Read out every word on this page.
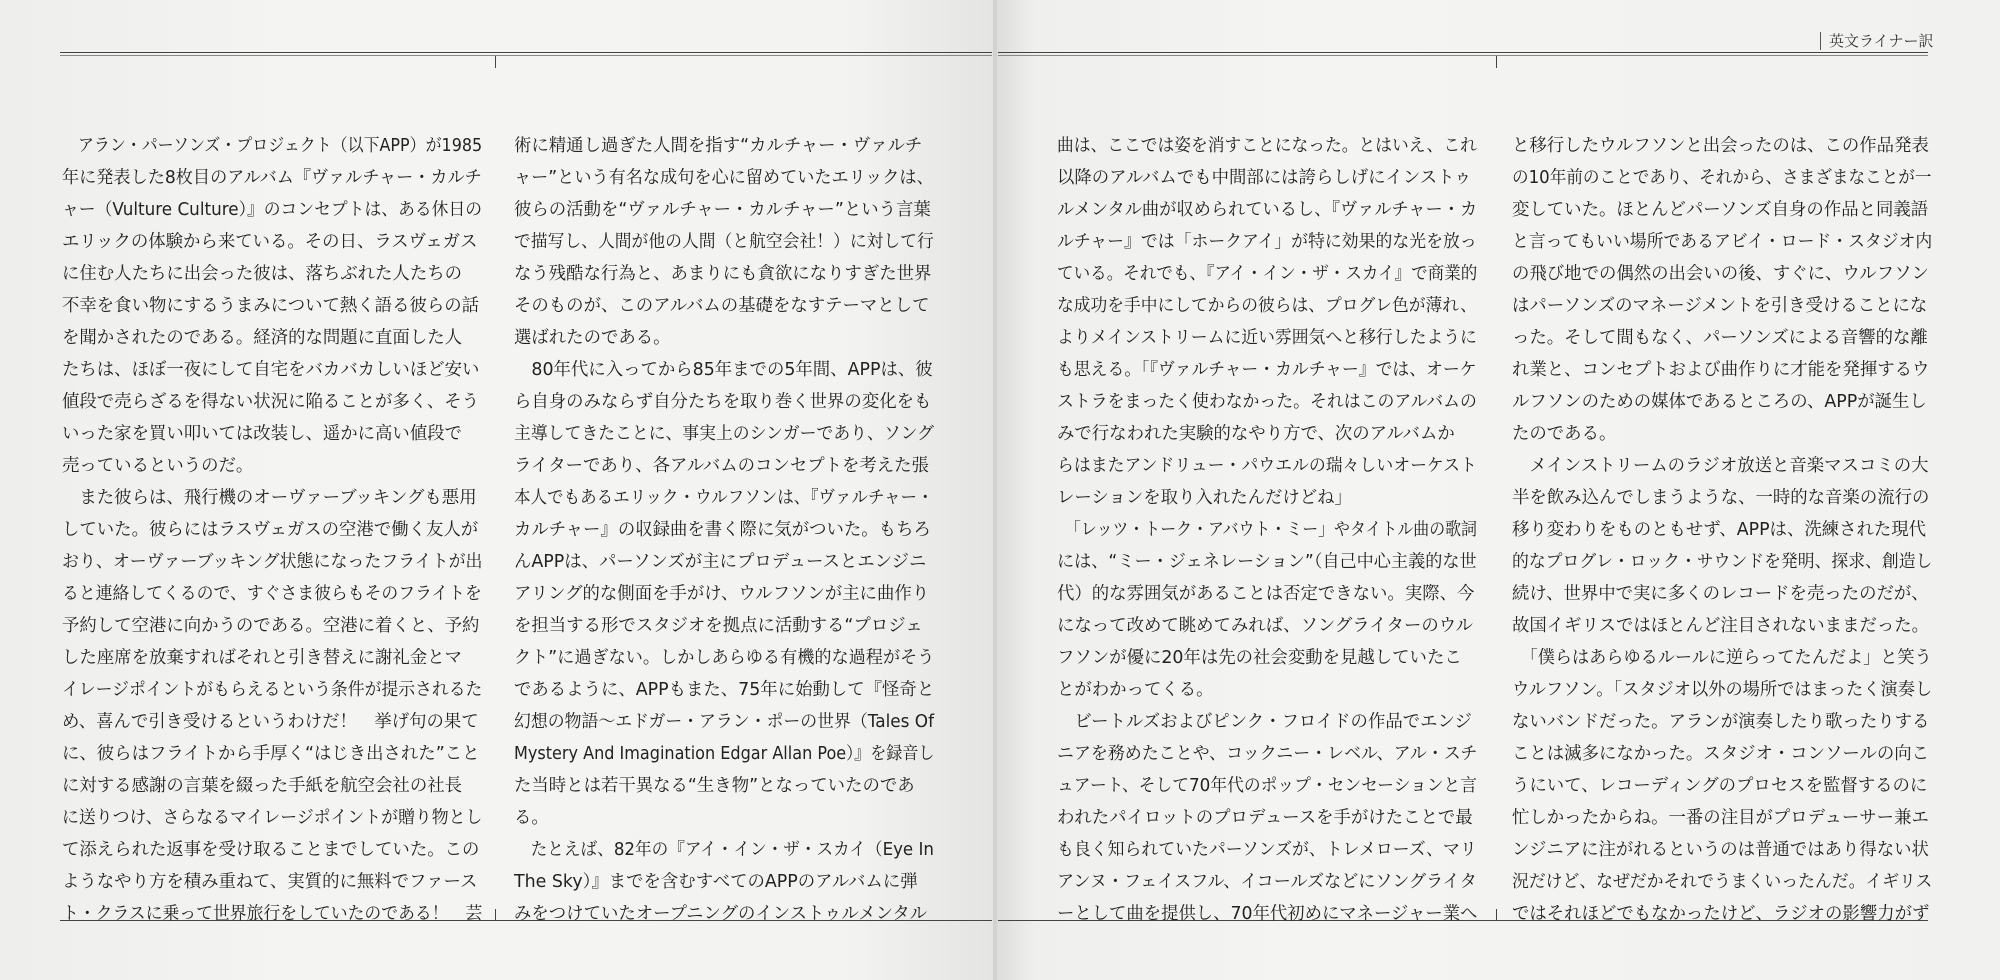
英文ライナー訳
　アラン・パーソンズ・プロジェクト（以下APP）が1985
年に発表した8枚目のアルバム『ヴァルチャー・カルチ
ャー（Vulture Culture）』のコンセプトは、ある休日の
エリックの体験から来ている。その日、ラスヴェガス
に住む人たちに出会った彼は、落ちぶれた人たちの
不幸を食い物にするうまみについて熱く語る彼らの話
を聞かされたのである。経済的な問題に直面した人
たちは、ほぼ一夜にして自宅をバカバカしいほど安い
値段で売らざるを得ない状況に陥ることが多く、そう
いった家を買い叩いては改装し、遥かに高い値段で
売っているというのだ。
　また彼らは、飛行機のオーヴァーブッキングも悪用
していた。彼らにはラスヴェガスの空港で働く友人が
おり、オーヴァーブッキング状態になったフライトが出
ると連絡してくるので、すぐさま彼らもそのフライトを
予約して空港に向かうのである。空港に着くと、予約
した座席を放棄すればそれと引き替えに謝礼金とマ
イレージポイントがもらえるという条件が提示されるた
め、喜んで引き受けるというわけだ！　挙げ句の果て
に、彼らはフライトから手厚く“はじき出された”こと
に対する感謝の言葉を綴った手紙を航空会社の社長
に送りつけ、さらなるマイレージポイントが贈り物とし
て添えられた返事を受け取ることまでしていた。この
ようなやり方を積み重ねて、実質的に無料でファース
ト・クラスに乗って世界旅行をしていたのである！　芸
術に精通し過ぎた人間を指す“カルチャー・ヴァルチ
ャー”という有名な成句を心に留めていたエリックは、
彼らの活動を“ヴァルチャー・カルチャー”という言葉
で描写し、人間が他の人間（と航空会社！）に対して行
なう残酷な行為と、あまりにも貪欲になりすぎた世界
そのものが、このアルバムの基礎をなすテーマとして
選ばれたのである。
　80年代に入ってから85年までの5年間、APPは、彼
ら自身のみならず自分たちを取り巻く世界の変化をも
主導してきたことに、事実上のシンガーであり、ソング
ライターであり、各アルバムのコンセプトを考えた張
本人でもあるエリック・ウルフソンは、『ヴァルチャー・
カルチャー』の収録曲を書く際に気がついた。もちろ
んAPPは、パーソンズが主にプロデュースとエンジニ
アリング的な側面を手がけ、ウルフソンが主に曲作り
を担当する形でスタジオを拠点に活動する“プロジェ
クト”に過ぎない。しかしあらゆる有機的な過程がそう
であるように、APPもまた、75年に始動して『怪奇と
幻想の物語～エドガー・アラン・ポーの世界（Tales Of
Mystery And Imagination Edgar Allan Poe）』を録音し
た当時とは若干異なる“生き物”となっていたのであ
る。
　たとえば、82年の『アイ・イン・ザ・スカイ（Eye In
The Sky）』までを含むすべてのAPPのアルバムに弾
みをつけていたオープニングのインストゥルメンタル
曲は、ここでは姿を消すことになった。とはいえ、これ
以降のアルバムでも中間部には誇らしげにインストゥ
ルメンタル曲が収められているし、『ヴァルチャー・カ
ルチャー』では「ホークアイ」が特に効果的な光を放っ
ている。それでも、『アイ・イン・ザ・スカイ』で商業的
な成功を手中にしてからの彼らは、プログレ色が薄れ、
よりメインストリームに近い雰囲気へと移行したように
も思える。「『ヴァルチャー・カルチャー』では、オーケ
ストラをまったく使わなかった。それはこのアルバムの
みで行なわれた実験的なやり方で、次のアルバムか
らはまたアンドリュー・パウエルの瑞々しいオーケスト
レーションを取り入れたんだけどね」
　「レッツ・トーク・アバウト・ミー」やタイトル曲の歌詞
には、“ミー・ジェネレーション”（自己中心主義的な世
代）的な雰囲気があることは否定できない。実際、今
になって改めて眺めてみれば、ソングライターのウル
フソンが優に20年は先の社会変動を見越していたこ
とがわかってくる。
　ビートルズおよびピンク・フロイドの作品でエンジ
ニアを務めたことや、コックニー・レベル、アル・スチ
ュアート、そして70年代のポップ・センセーションと言
われたパイロットのプロデュースを手がけたことで最
も良く知られていたパーソンズが、トレメローズ、マリ
アンヌ・フェイスフル、イコールズなどにソングライタ
ーとして曲を提供し、70年代初めにマネージャー業へ
と移行したウルフソンと出会ったのは、この作品発表
の10年前のことであり、それから、さまざまなことが一
変していた。ほとんどパーソンズ自身の作品と同義語
と言ってもいい場所であるアビイ・ロード・スタジオ内
の飛び地での偶然の出会いの後、すぐに、ウルフソン
はパーソンズのマネージメントを引き受けることにな
った。そして間もなく、パーソンズによる音響的な離
れ業と、コンセプトおよび曲作りに才能を発揮するウ
ルフソンのための媒体であるところの、APPが誕生し
たのである。
　メインストリームのラジオ放送と音楽マスコミの大
半を飲み込んでしまうような、一時的な音楽の流行の
移り変わりをものともせず、APPは、洗練された現代
的なプログレ・ロック・サウンドを発明、探求、創造し
続け、世界中で実に多くのレコードを売ったのだが、
故国イギリスではほとんど注目されないままだった。
　「僕らはあらゆるルールに逆らってたんだよ」と笑う
ウルフソン。「スタジオ以外の場所ではまったく演奏し
ないバンドだった。アランが演奏したり歌ったりする
ことは滅多になかった。スタジオ・コンソールの向こ
うにいて、レコーディングのプロセスを監督するのに
忙しかったからね。一番の注目がプロデューサー兼エ
ンジニアに注がれるというのは普通ではあり得ない状
況だけど、なぜだかそれでうまくいったんだ。イギリス
ではそれほどでもなかったけど、ラジオの影響力がず
